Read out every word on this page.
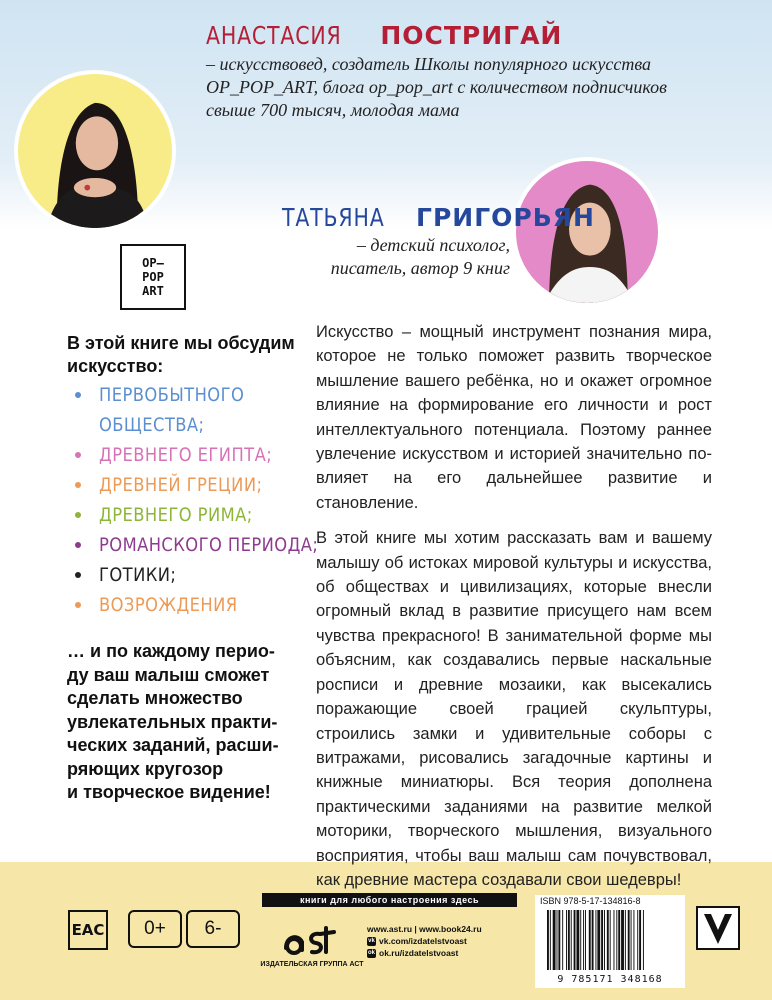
АНАСТАСИЯ ПОСТРИГАЙ
– искусствовед, создатель Школы популярного искусства
OP_POP_ART, блога op_pop_art с количеством подписчиков
свыше 700 тысяч, молодая мама
ТАТЬЯНА ГРИГОРЬЯН
– детский психолог,
писатель, автор 9 книг
OP–
POP
ART
В этой книге мы обсудим
искусство:
ПЕРВОБЫТНОГО
ОБЩЕСТВА;
ДРЕВНЕГО ЕГИПТА;
ДРЕВНЕЙ ГРЕЦИИ;
ДРЕВНЕГО РИМА;
РОМАНСКОГО ПЕРИОДА;
ГОТИКИ;
ВОЗРОЖДЕНИЯ
… и по каждому перио-
ду ваш малыш сможет
сделать множество
увлекательных практи-
ческих заданий, расши-
ряющих кругозор
и творческое видение!

Искусство – мощный инструмент познания мира, которое не только поможет развить творческое мышление вашего ребёнка, но и окажет огромное влияние на формирование его личности и рост интеллектуального потенциала. Поэтому раннее увлечение искусством и историей значительно повлияет на его дальнейшее развитие и становление.

В этой книге мы хотим рассказать вам и вашему малышу об истоках мировой культуры и искусства, об обществах и цивилизациях, которые внесли огромный вклад в развитие присущего нам всем чувства прекрасного! В занимательной форме мы объясним, как создавались первые наскальные росписи и древние мозаики, как высекались поражающие своей грацией скульптуры, строились замки и удивительные соборы с витражами, рисовались загадочные картины и книжные миниатюры. Вся теория дополнена практическими заданиями на развитие мелкой моторики, творческого мышления, визуального восприятия, чтобы ваш малыш сам почувствовал, как древние мастера создавали свои шедевры!

книги для любого настроения здесь
EAC	0+	6-
ИЗДАТЕЛЬСКАЯ ГРУППА АСТ
www.ast.ru | www.book24.ru
vk vk.com/izdatelstvoast
ok ok.ru/izdatelstvoast
ISBN 978-5-17-134816-8
9 785171 348168
